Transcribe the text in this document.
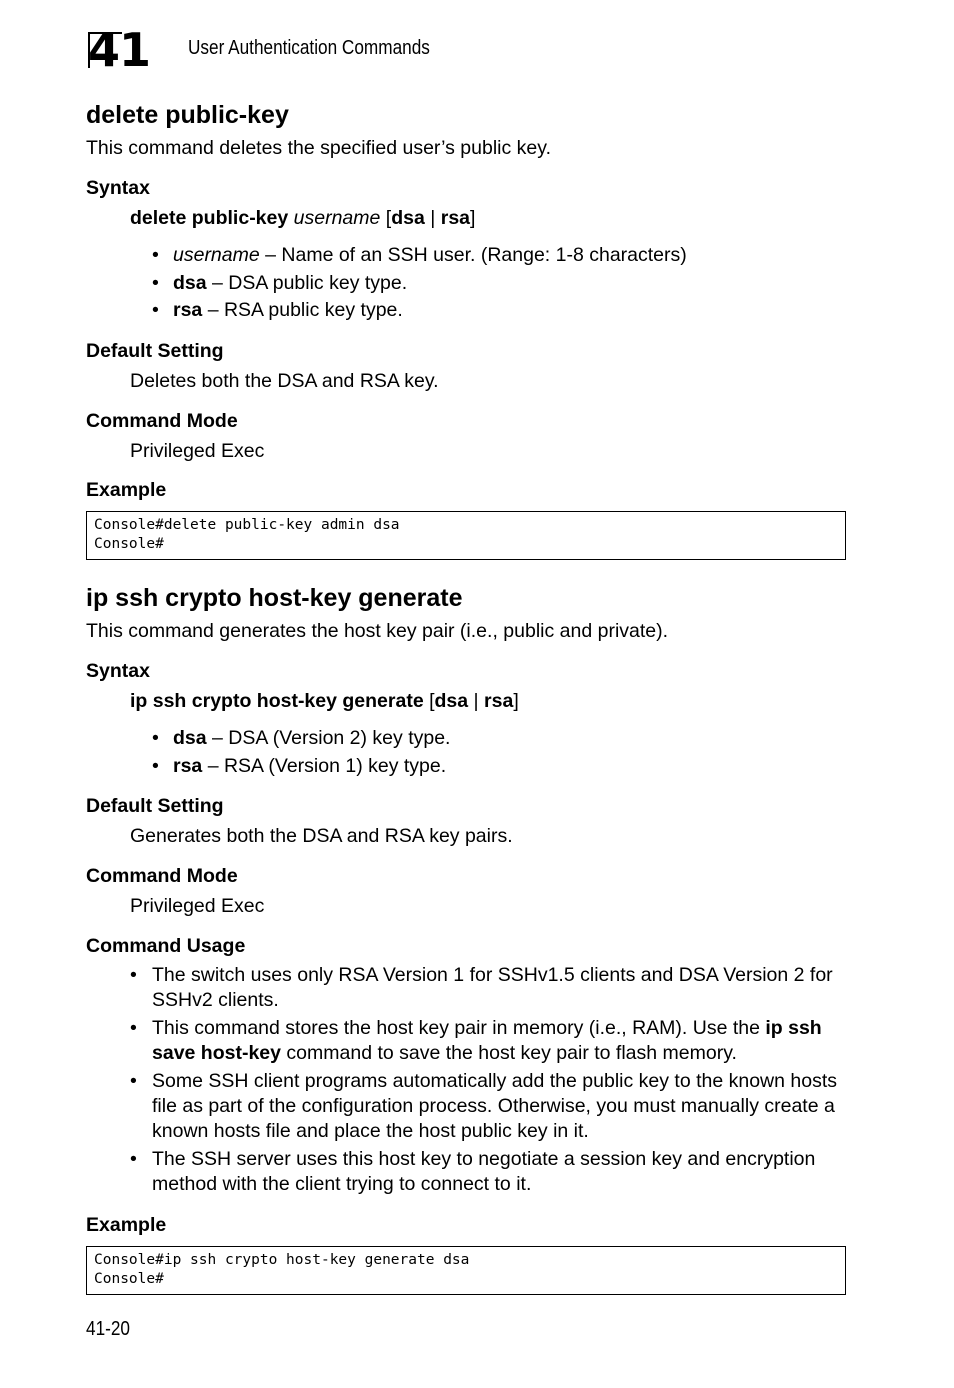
41 User Authentication Commands
delete public-key
This command deletes the specified user’s public key.
Syntax
delete public-key username [dsa | rsa]
• username – Name of an SSH user. (Range: 1-8 characters)
• dsa – DSA public key type.
• rsa – RSA public key type.
Default Setting
Deletes both the DSA and RSA key.
Command Mode
Privileged Exec
Example
Console#delete public-key admin dsa
Console#
ip ssh crypto host-key generate
This command generates the host key pair (i.e., public and private).
Syntax
ip ssh crypto host-key generate [dsa | rsa]
• dsa – DSA (Version 2) key type.
• rsa – RSA (Version 1) key type.
Default Setting
Generates both the DSA and RSA key pairs.
Command Mode
Privileged Exec
Command Usage
• The switch uses only RSA Version 1 for SSHv1.5 clients and DSA Version 2 for SSHv2 clients.
• This command stores the host key pair in memory (i.e., RAM). Use the ip ssh save host-key command to save the host key pair to flash memory.
• Some SSH client programs automatically add the public key to the known hosts file as part of the configuration process. Otherwise, you must manually create a known hosts file and place the host public key in it.
• The SSH server uses this host key to negotiate a session key and encryption method with the client trying to connect to it.
Example
Console#ip ssh crypto host-key generate dsa
Console#
41-20
